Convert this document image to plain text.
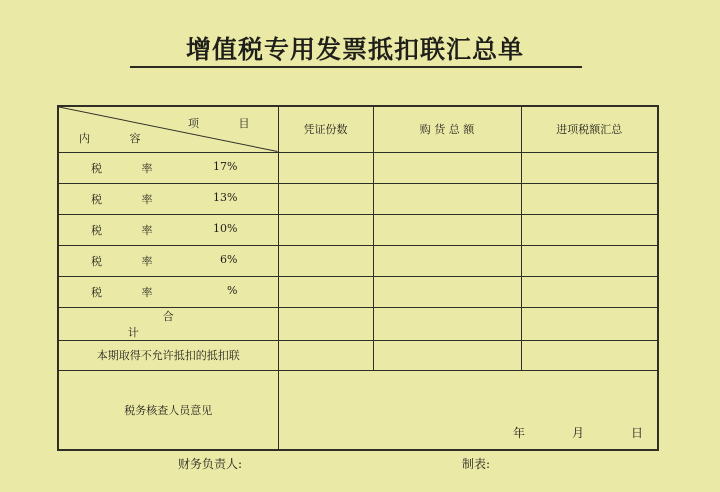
增值税专用发票抵扣联汇总单
项 目
内 容	凭证份数	购 货 总 额	进项税额汇总

税 率 17%			

税 率 13%			

税 率 10%			

税 率 6%			

税 率 %			

合 计			
本期取得不允许抵扣的抵扣联			
税务核查人员意见			
年	月	日
财务负责人:	制表:
